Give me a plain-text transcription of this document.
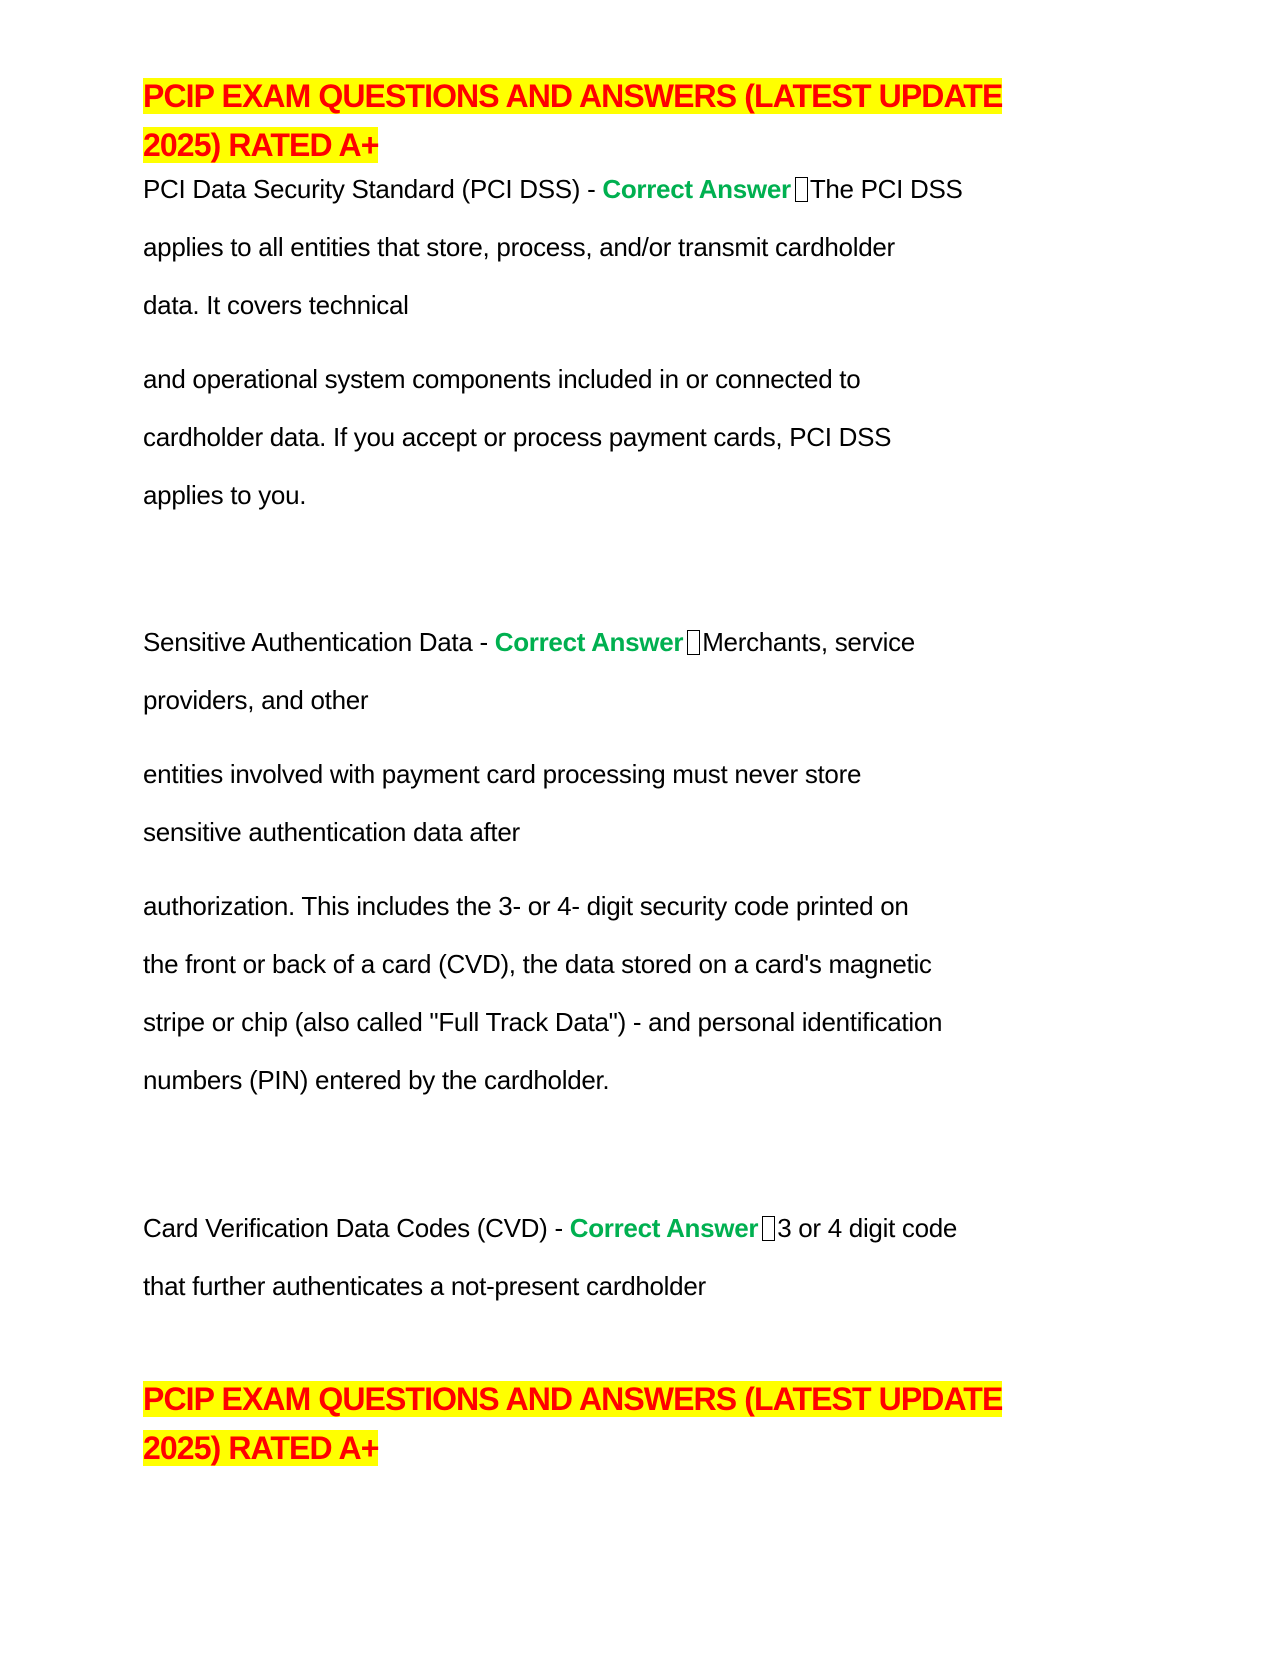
PCIP EXAM QUESTIONS AND ANSWERS (LATEST UPDATE
2025) RATED A+
PCI Data Security Standard (PCI DSS) - Correct Answer The PCI DSS
applies to all entities that store, process, and/or transmit cardholder
data. It covers technical
and operational system components included in or connected to
cardholder data. If you accept or process payment cards, PCI DSS
applies to you.
Sensitive Authentication Data - Correct Answer Merchants, service
providers, and other
entities involved with payment card processing must never store
sensitive authentication data after
authorization. This includes the 3- or 4- digit security code printed on
the front or back of a card (CVD), the data stored on a card's magnetic
stripe or chip (also called "Full Track Data") - and personal identification
numbers (PIN) entered by the cardholder.
Card Verification Data Codes (CVD) - Correct Answer 3 or 4 digit code
that further authenticates a not-present cardholder
PCIP EXAM QUESTIONS AND ANSWERS (LATEST UPDATE
2025) RATED A+
